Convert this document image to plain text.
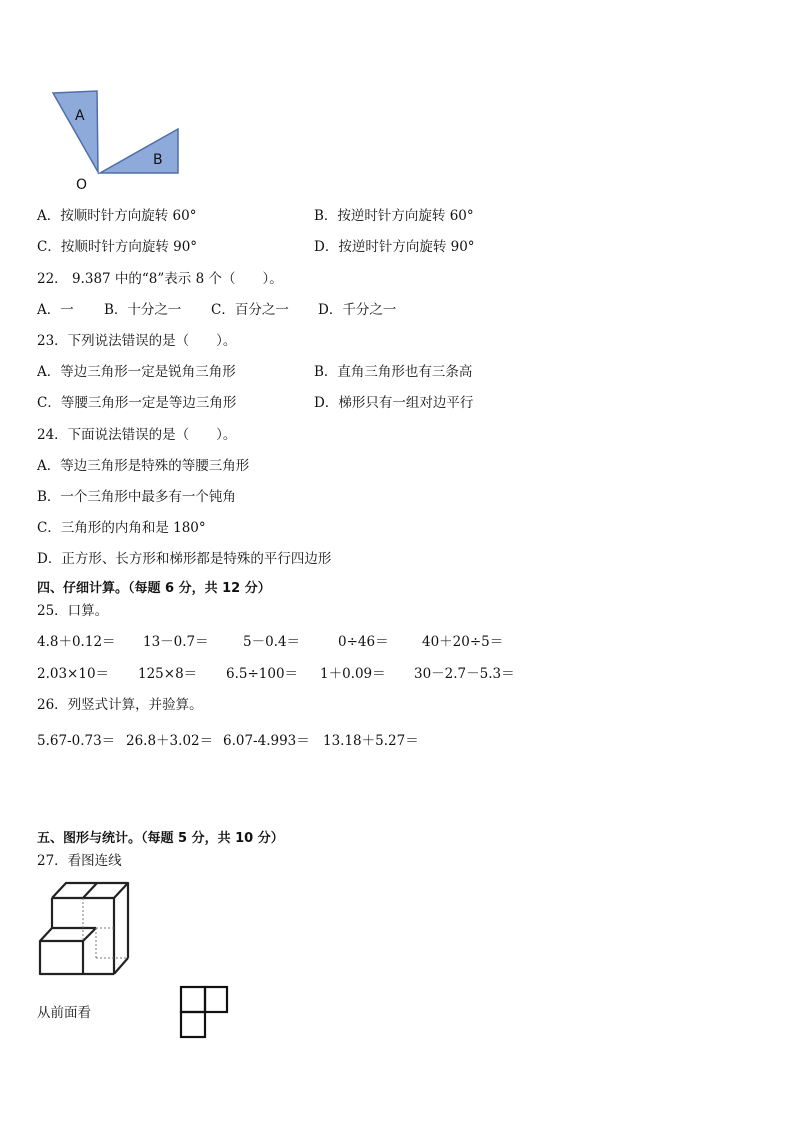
A
B
O
A．按顺时针方向旋转 60°	B．按逆时针方向旋转 60°
C．按顺时针方向旋转 90°	D．按逆时针方向旋转 90°
22． 9.387 中的“8”表示 8 个（　　）。
A．一 B．十分之一 C．百分之一 D．千分之一
23．下列说法错误的是（　　）。
A．等边三角形一定是锐角三角形	B．直角三角形也有三条高
C．等腰三角形一定是等边三角形	D．梯形只有一组对边平行
24．下面说法错误的是（　　）。
A．等边三角形是特殊的等腰三角形
B．一个三角形中最多有一个钝角
C．三角形的内角和是 180°
D．正方形、长方形和梯形都是特殊的平行四边形
四、仔细计算。（每题 6 分，共 12 分）
25．口算。
4.8＋0.12＝ 13－0.7＝	5－0.4＝	0÷46＝ 40＋20÷5＝
2.03×10＝ 125×8＝ 6.5÷100＝ 1＋0.09＝ 30－2.7－5.3＝
26．列竖式计算，并验算。
5.67-0.73＝ 26.8＋3.02＝ 6.07-4.993＝ 13.18＋5.27＝
五、图形与统计。（每题 5 分，共 10 分）
27．看图连线
从前面看
